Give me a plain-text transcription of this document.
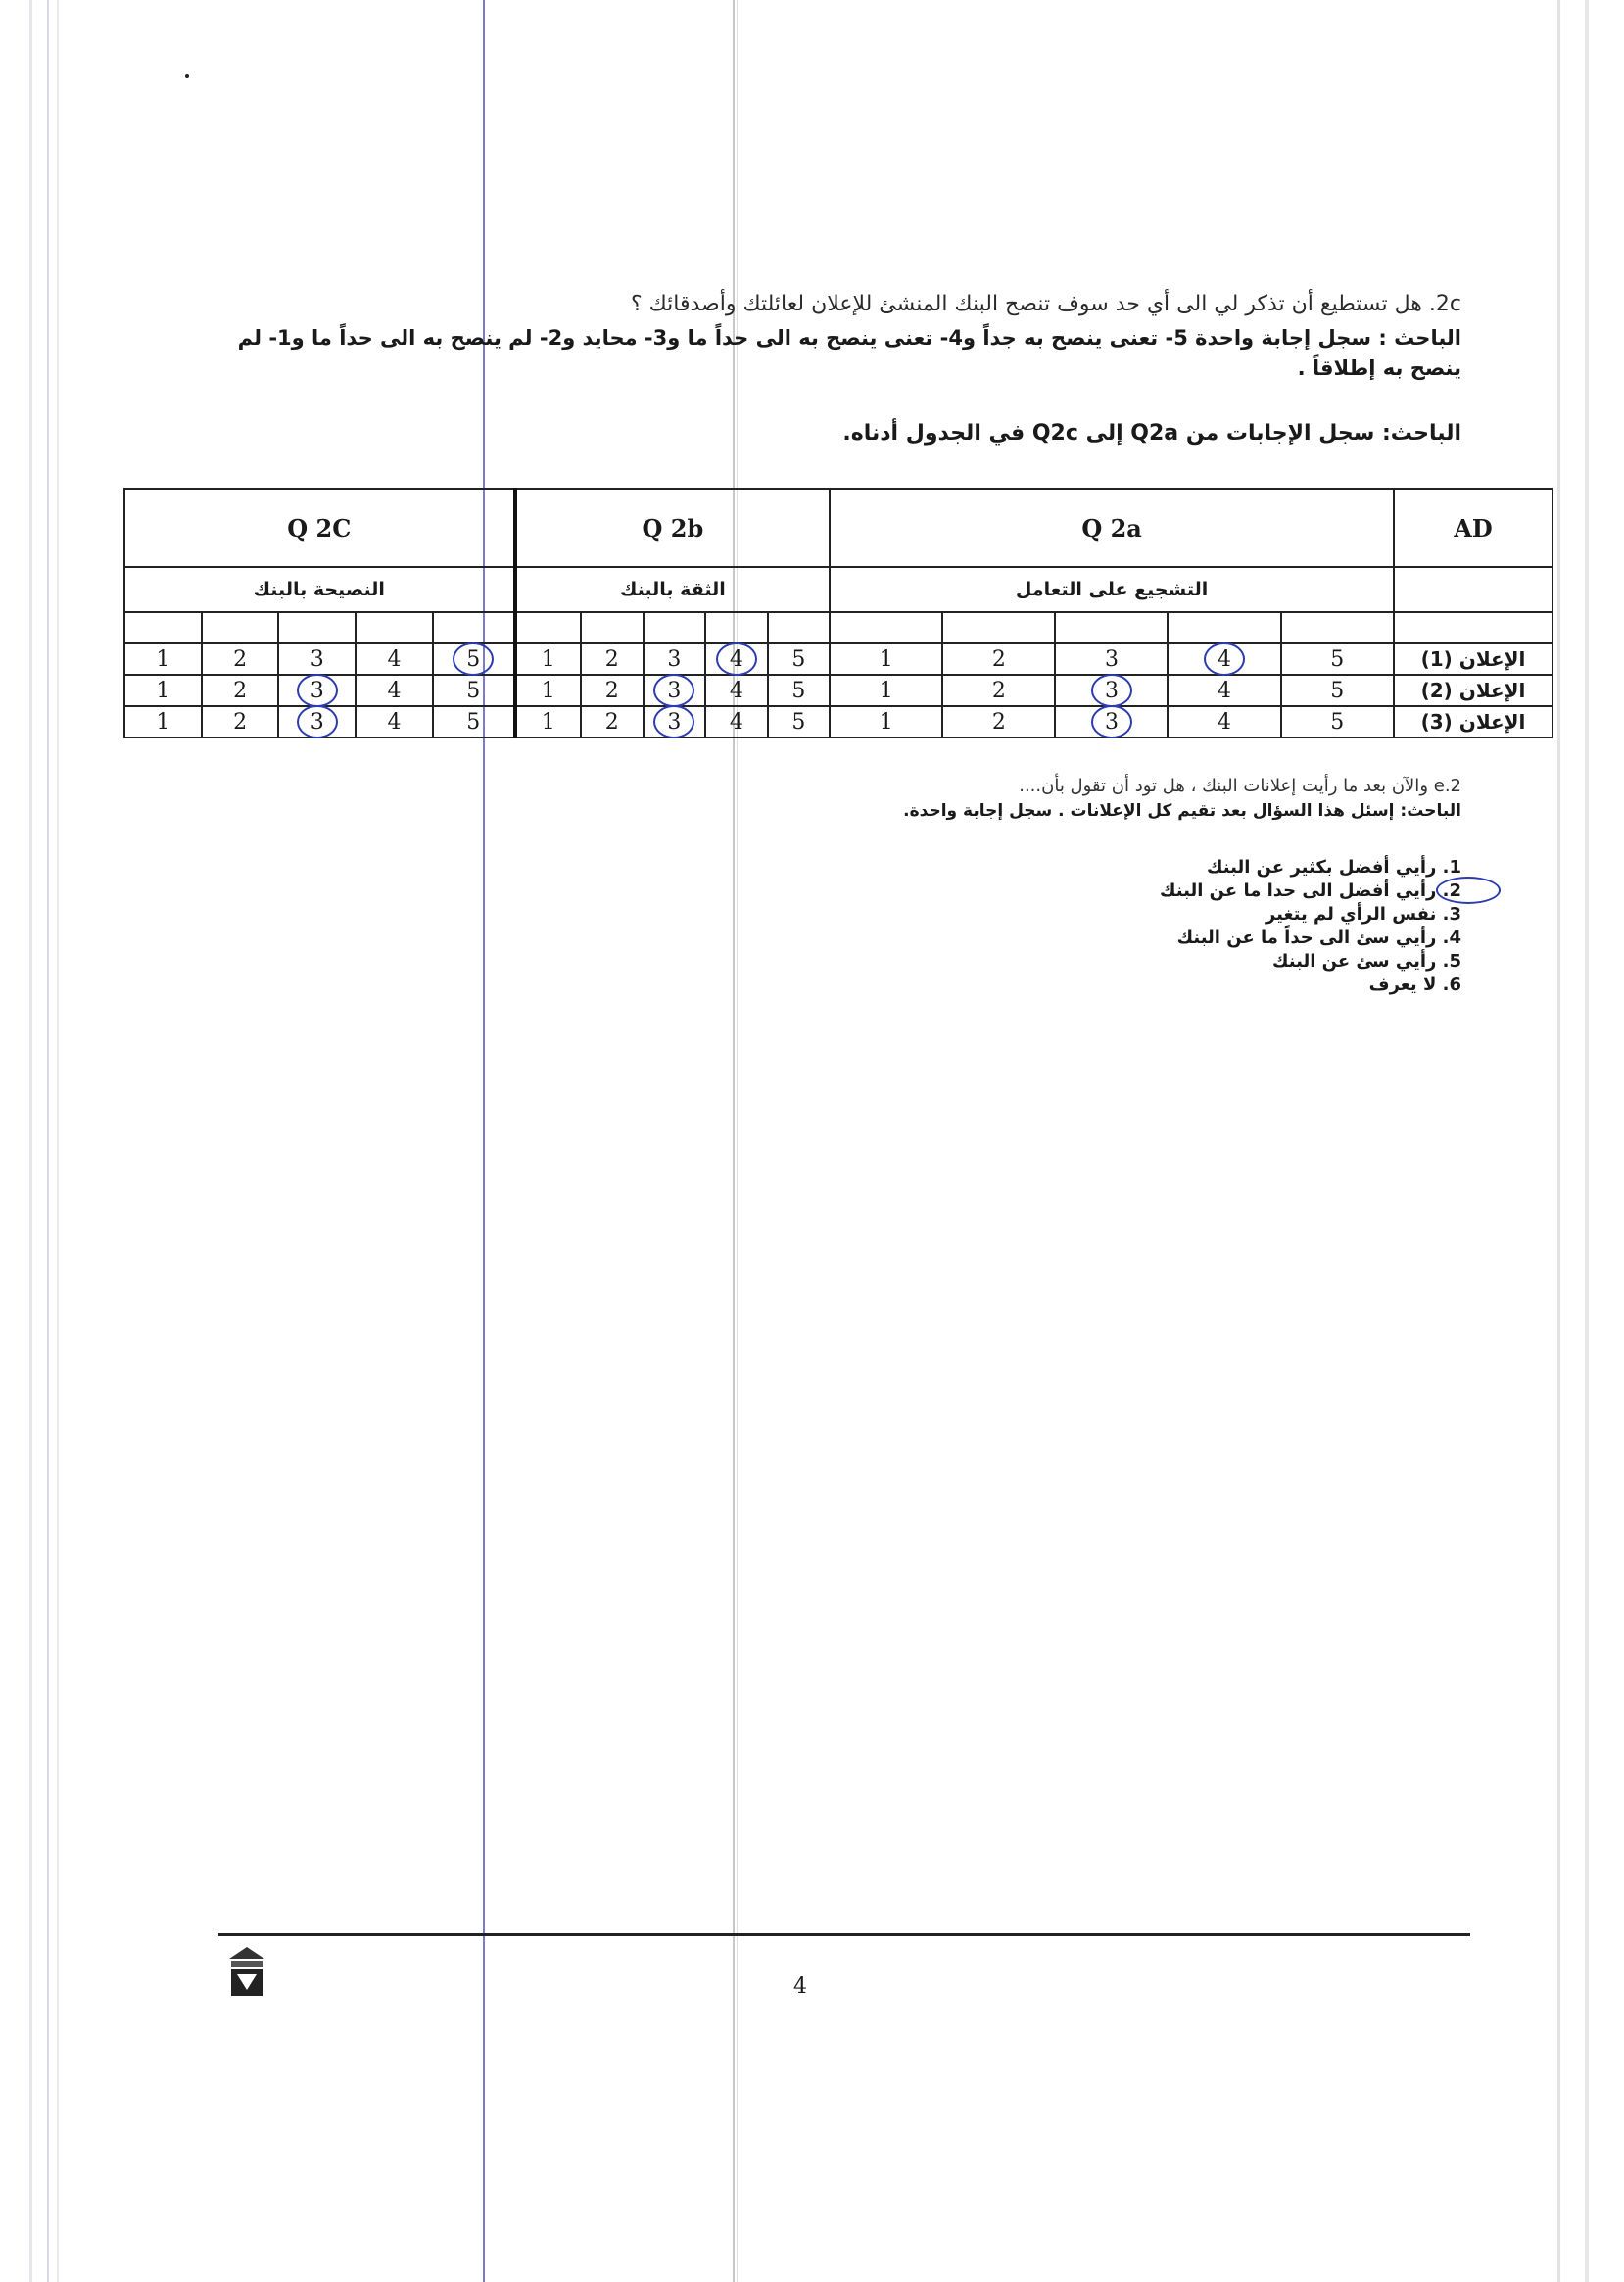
2c. هل تستطيع أن تذكر لي الى أي حد سوف تنصح البنك المنشئ للإعلان لعائلتك وأصدقائك ؟
الباحث : سجل إجابة واحدة 5- تعنى ينصح به جداً و4- تعنى ينصح به الى حداً ما و3- محايد و2- لم ينصح به الى حداً ما و1- لم ينصح به إطلاقاً .
الباحث: سجل الإجابات من Q2a إلى Q2c في الجدول أدناه.
Q 2C					Q 2b					Q 2a					AD
النصيحة بالبنك					الثقة بالبنك					التشجيع على التعامل					

1	2	3	4	5	1	2	3	4	5	1	2	3	4	5	الإعلان (1)
1	2	3	4	5	1	2	3	4	5	1	2	3	4	5	الإعلان (2)
1	2	3	4	5	1	2	3	4	5	1	2	3	4	5	الإعلان (3)
2.e والآن بعد ما رأيت إعلانات البنك ، هل تود أن تقول بأن....
الباحث: إسئل هذا السؤال بعد تقيم كل الإعلانات . سجل إجابة واحدة.
1. رأيي أفضل بكثير عن البنك
2. رأيي أفضل الى حدا ما عن البنك
3. نفس الرأي لم يتغير
4. رأيي سئ الى حداً ما عن البنك
5. رأيي سئ عن البنك
6. لا يعرف
4
